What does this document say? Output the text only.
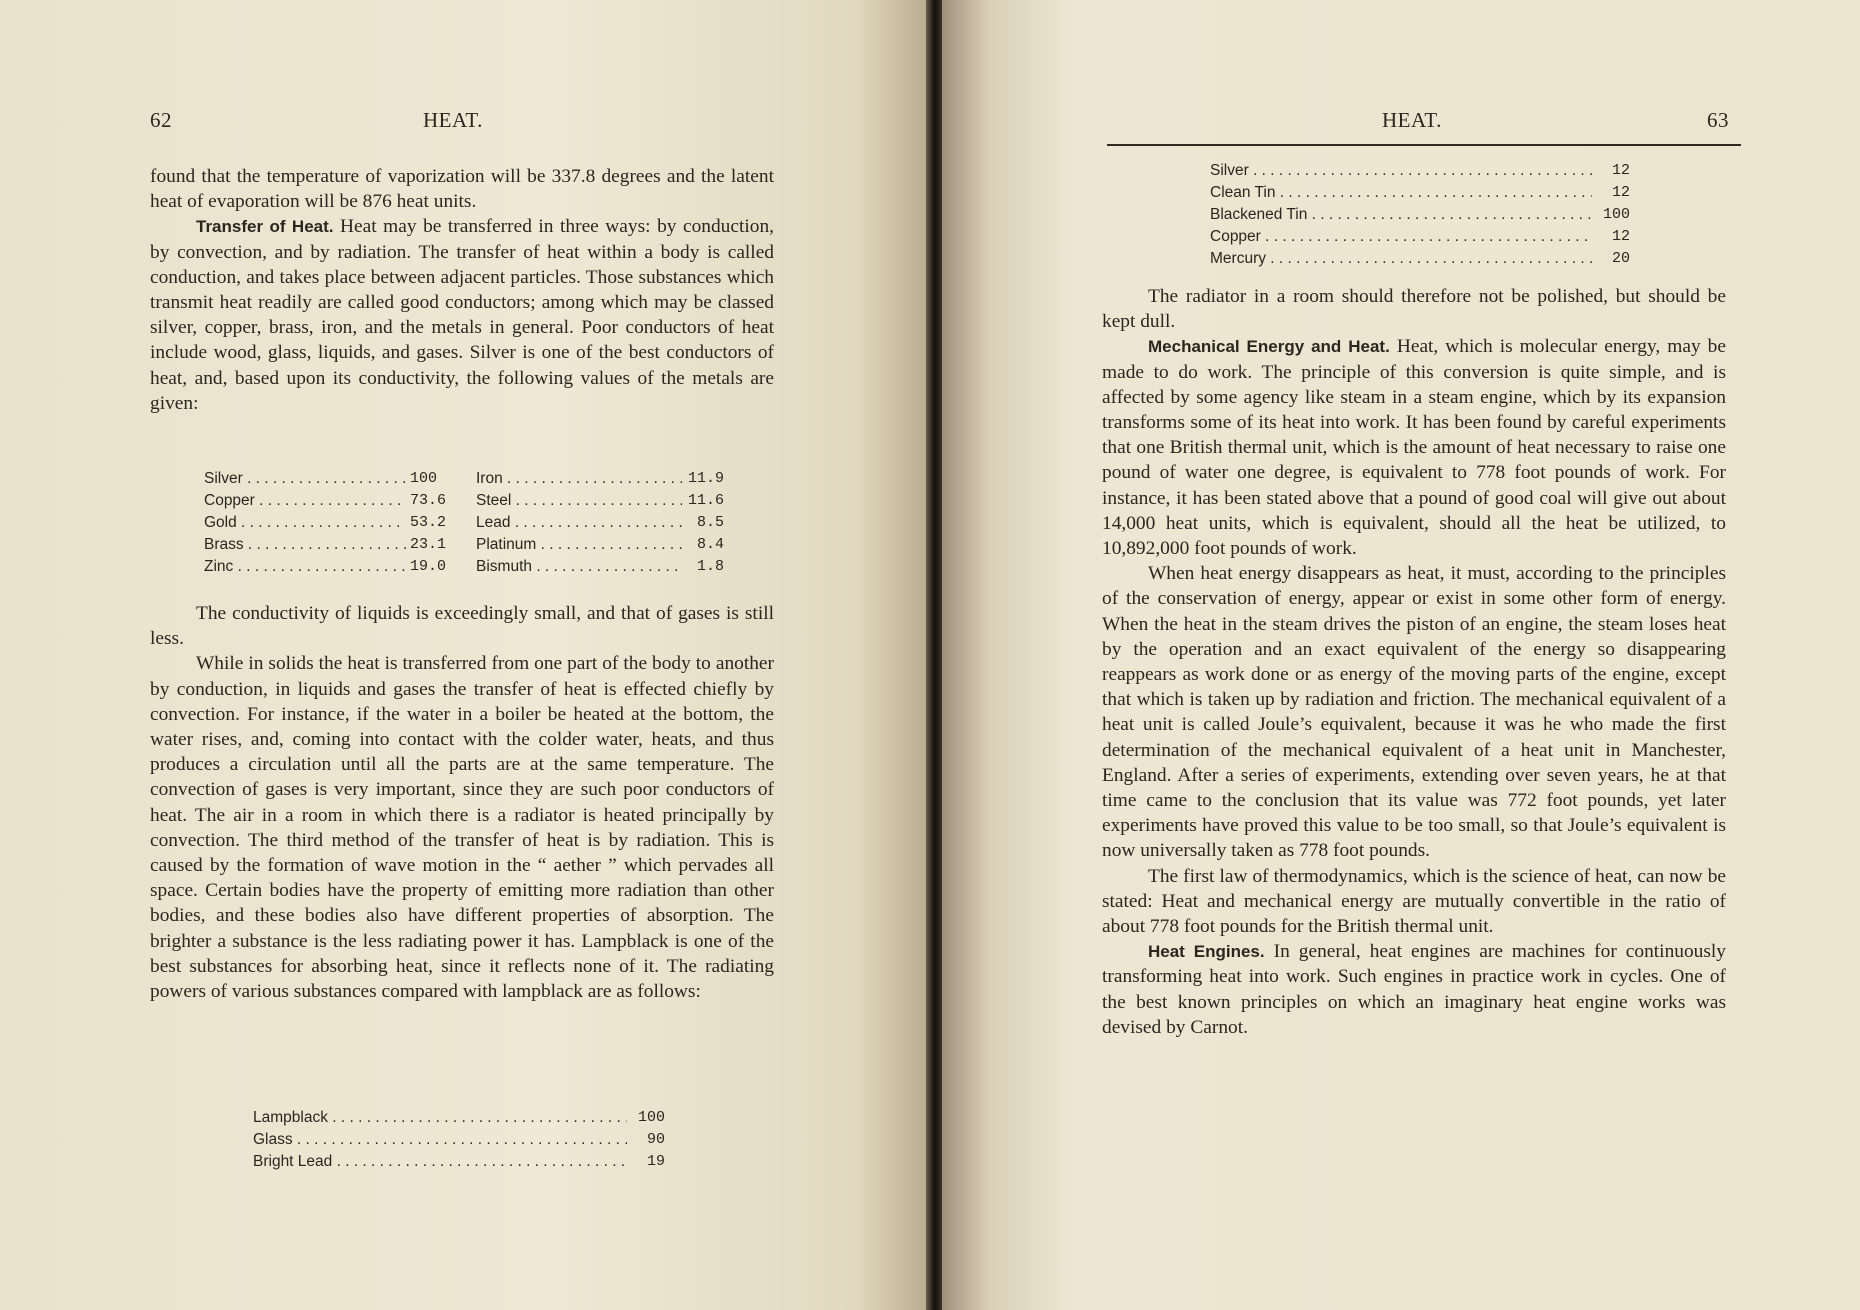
62	HEAT.

found that the temperature of vaporization will be 337.8 degrees and the latent heat of evaporation will be 876 heat units.

Transfer of Heat. Heat may be transferred in three ways: by conduction, by convection, and by radiation. The transfer of heat within a body is called conduction, and takes place between adjacent particles. Those substances which transmit heat readily are called good conductors; among which may be classed silver, copper, brass, iron, and the metals in general. Poor conductors of heat include wood, glass, liquids, and gases. Silver is one of the best conductors of heat, and, based upon its conductivity, the following values of the metals are given:

Silver . . .	100	Iron . . .	11.9
Copper . . .	73.6 Steel . . .	11.6
Gold . . .	53.2 Lead . . .	8.5
Brass . . .	23.1 Platinum . . .	8.4
Zinc . . .	19.0 Bismuth . . .	1.8

The conductivity of liquids is exceedingly small, and that of gases is still less.

While in solids the heat is transferred from one part of the body to another by conduction, in liquids and gases the transfer of heat is effected chiefly by convection. For instance, if the water in a boiler be heated at the bottom, the water rises, and, coming into contact with the colder water, heats, and thus produces a circulation until all the parts are at the same temperature. The convection of gases is very important, since they are such poor conductors of heat. The air in a room in which there is a radiator is heated principally by convection. The third method of the transfer of heat is by radiation. This is caused by the formation of wave motion in the “ aether ” which pervades all space. Certain bodies have the property of emitting more radiation than other bodies, and these bodies also have different properties of absorption. The brighter a substance is the less radiating power it has. Lampblack is one of the best substances for absorbing heat, since it reflects none of it. The radiating powers of various substances compared with lampblack are as follows:

Lampblack . . .	100
Glass . . .	90
Bright Lead . . .	19
HEAT.	63
Silver . . .	12
Clean Tin . . .	12
Blackened Tin . . .	100
Copper . . .	12
Mercury . . .	20

The radiator in a room should therefore not be polished, but should be kept dull.

Mechanical Energy and Heat. Heat, which is molecular energy, may be made to do work. The principle of this conversion is quite simple, and is affected by some agency like steam in a steam engine, which by its expansion transforms some of its heat into work. It has been found by careful experiments that one British thermal unit, which is the amount of heat necessary to raise one pound of water one degree, is equivalent to 778 foot pounds of work. For instance, it has been stated above that a pound of good coal will give out about 14,000 heat units, which is equivalent, should all the heat be utilized, to 10,892,000 foot pounds of work.

When heat energy disappears as heat, it must, according to the principles of the conservation of energy, appear or exist in some other form of energy. When the heat in the steam drives the piston of an engine, the steam loses heat by the operation and an exact equivalent of the energy so disappearing reappears as work done or as energy of the moving parts of the engine, except that which is taken up by radiation and friction. The mechanical equivalent of a heat unit is called Joule’s equivalent, because it was he who made the first determination of the mechanical equivalent of a heat unit in Manchester, England. After a series of experiments, extending over seven years, he at that time came to the conclusion that its value was 772 foot pounds, yet later experiments have proved this value to be too small, so that Joule’s equivalent is now universally taken as 778 foot pounds.

The first law of thermodynamics, which is the science of heat, can now be stated: Heat and mechanical energy are mutually convertible in the ratio of about 778 foot pounds for the British thermal unit.

Heat Engines. In general, heat engines are machines for continuously transforming heat into work. Such engines in practice work in cycles. One of the best known principles on which an imaginary heat engine works was devised by Carnot.
